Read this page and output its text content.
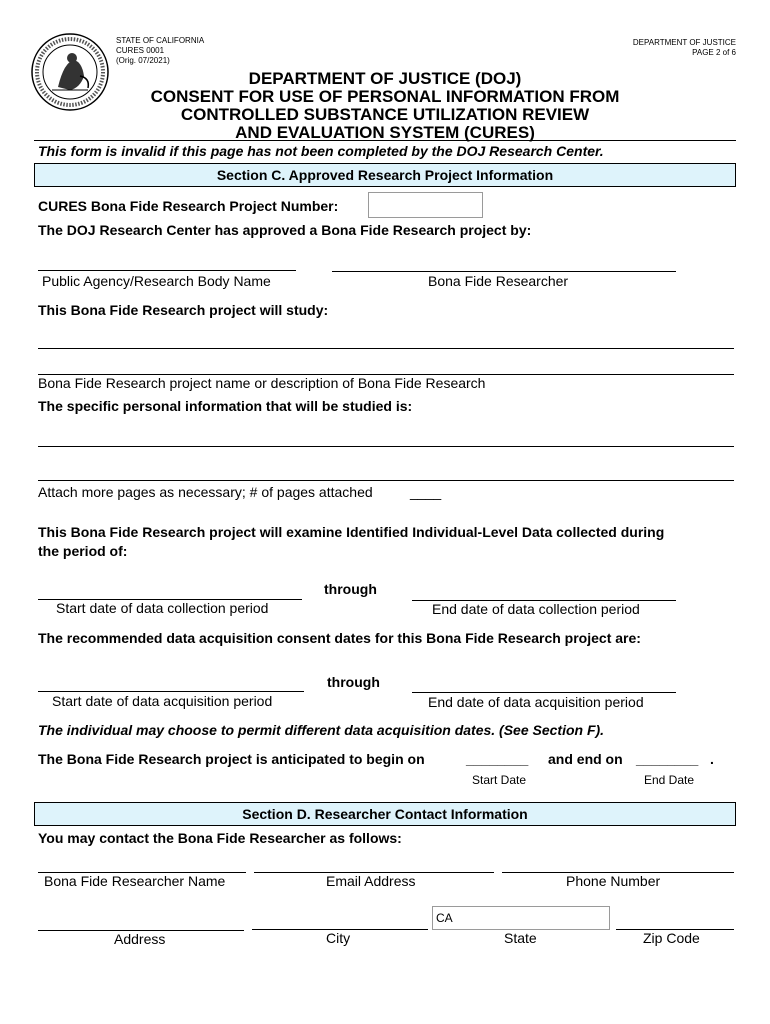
STATE OF CALIFORNIA
CURES 0001
(Orig. 07/2021)
DEPARTMENT OF JUSTICE
PAGE 2 of 6
DEPARTMENT OF JUSTICE (DOJ)
CONSENT FOR USE OF PERSONAL INFORMATION FROM
CONTROLLED SUBSTANCE UTILIZATION REVIEW
AND EVALUATION SYSTEM (CURES)
This form is invalid if this page has not been completed by the DOJ Research Center.
Section C. Approved Research Project Information
CURES Bona Fide Research Project Number:
The DOJ Research Center has approved a Bona Fide Research project by:
Public Agency/Research Body Name	Bona Fide Researcher
This Bona Fide Research project will study:
Bona Fide Research project name or description of Bona Fide Research
The specific personal information that will be studied is:
Attach more pages as necessary; # of pages attached	____
This Bona Fide Research project will examine Identified Individual-Level Data collected during
the period of:
through
Start date of data collection period	End date of data collection period
The recommended data acquisition consent dates for this Bona Fide Research project are:
through
Start date of data acquisition period	End date of data acquisition period
The individual may choose to permit different data acquisition dates. (See Section F).
The Bona Fide Research project is anticipated to begin on	________ and end on ________ .
Start Date	End Date
Section D. Researcher Contact Information
You may contact the Bona Fide Researcher as follows:
Bona Fide Researcher Name	Email Address	Phone Number
CA
Address	City	State	Zip Code
